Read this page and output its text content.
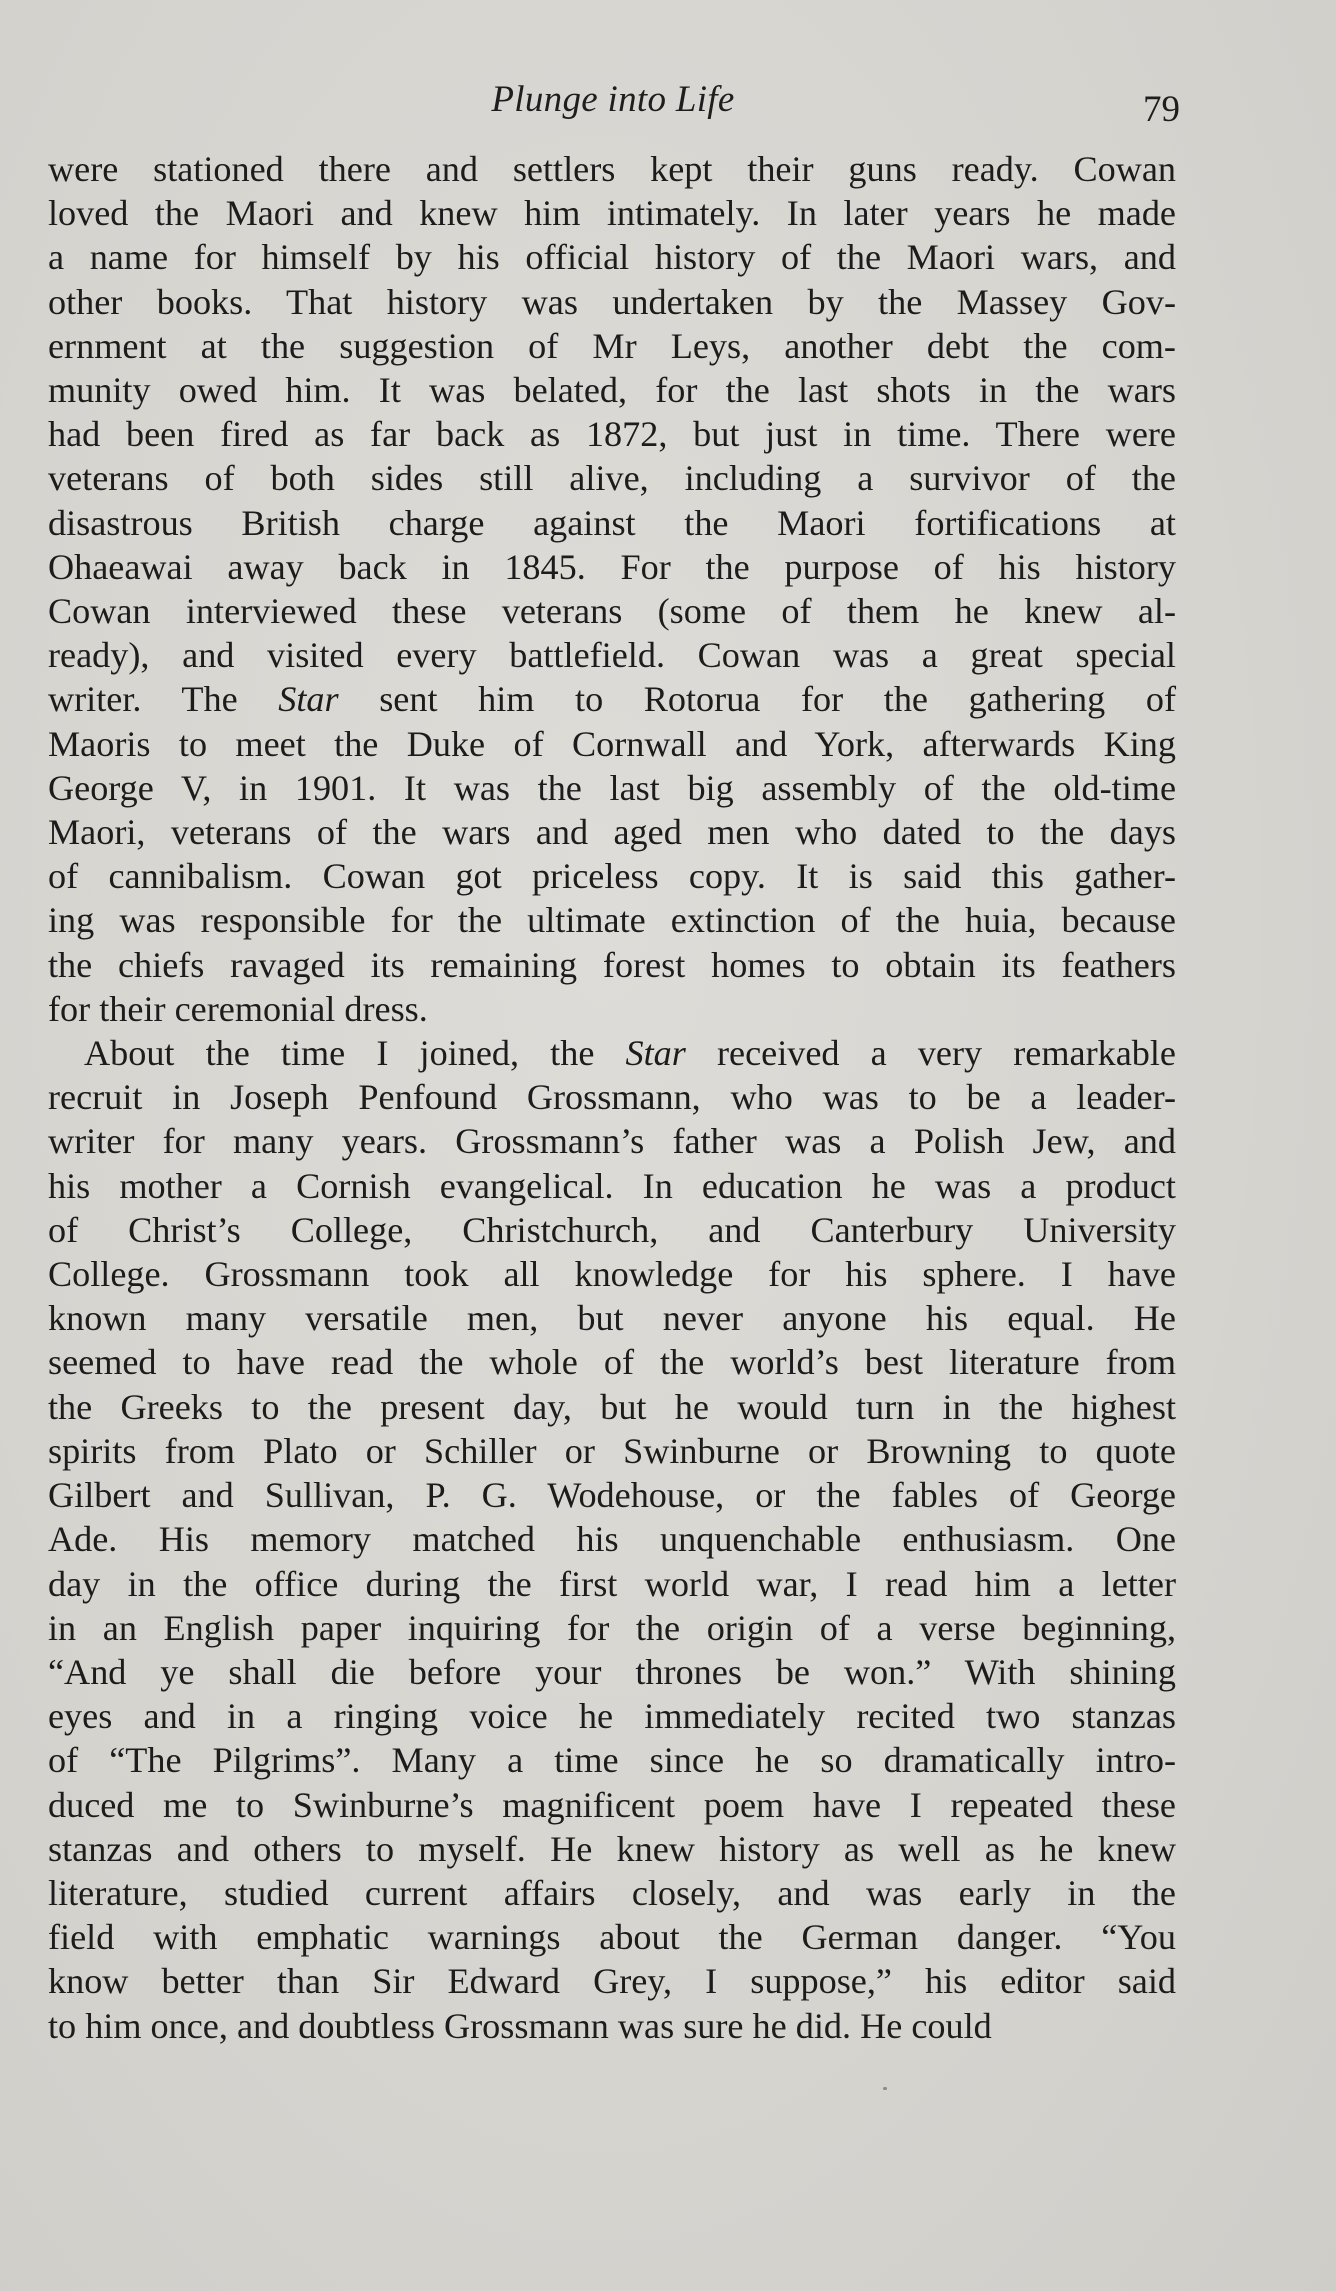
Plunge into Life	79
were stationed there and settlers kept their guns ready. Cowan
loved the Maori and knew him intimately. In later years he made
a name for himself by his official history of the Maori wars, and
other books. That history was undertaken by the Massey Gov-
ernment at the suggestion of Mr Leys, another debt the com-
munity owed him. It was belated, for the last shots in the wars
had been fired as far back as 1872, but just in time. There were
veterans of both sides still alive, including a survivor of the
disastrous British charge against the Maori fortifications at
Ohaeawai away back in 1845. For the purpose of his history
Cowan interviewed these veterans (some of them he knew al-
ready), and visited every battlefield. Cowan was a great special
writer. The Star sent him to Rotorua for the gathering of
Maoris to meet the Duke of Cornwall and York, afterwards King
George V, in 1901. It was the last big assembly of the old-time
Maori, veterans of the wars and aged men who dated to the days
of cannibalism. Cowan got priceless copy. It is said this gather-
ing was responsible for the ultimate extinction of the huia, because
the chiefs ravaged its remaining forest homes to obtain its feathers
for their ceremonial dress.
About the time I joined, the Star received a very remarkable
recruit in Joseph Penfound Grossmann, who was to be a leader-
writer for many years. Grossmann’s father was a Polish Jew, and
his mother a Cornish evangelical. In education he was a product
of Christ’s College, Christchurch, and Canterbury University
College. Grossmann took all knowledge for his sphere. I have
known many versatile men, but never anyone his equal. He
seemed to have read the whole of the world’s best literature from
the Greeks to the present day, but he would turn in the highest
spirits from Plato or Schiller or Swinburne or Browning to quote
Gilbert and Sullivan, P. G. Wodehouse, or the fables of George
Ade. His memory matched his unquenchable enthusiasm. One
day in the office during the first world war, I read him a letter
in an English paper inquiring for the origin of a verse beginning,
“And ye shall die before your thrones be won.” With shining
eyes and in a ringing voice he immediately recited two stanzas
of “The Pilgrims”. Many a time since he so dramatically intro-
duced me to Swinburne’s magnificent poem have I repeated these
stanzas and others to myself. He knew history as well as he knew
literature, studied current affairs closely, and was early in the
field with emphatic warnings about the German danger. “You
know better than Sir Edward Grey, I suppose,” his editor said
to him once, and doubtless Grossmann was sure he did. He could
